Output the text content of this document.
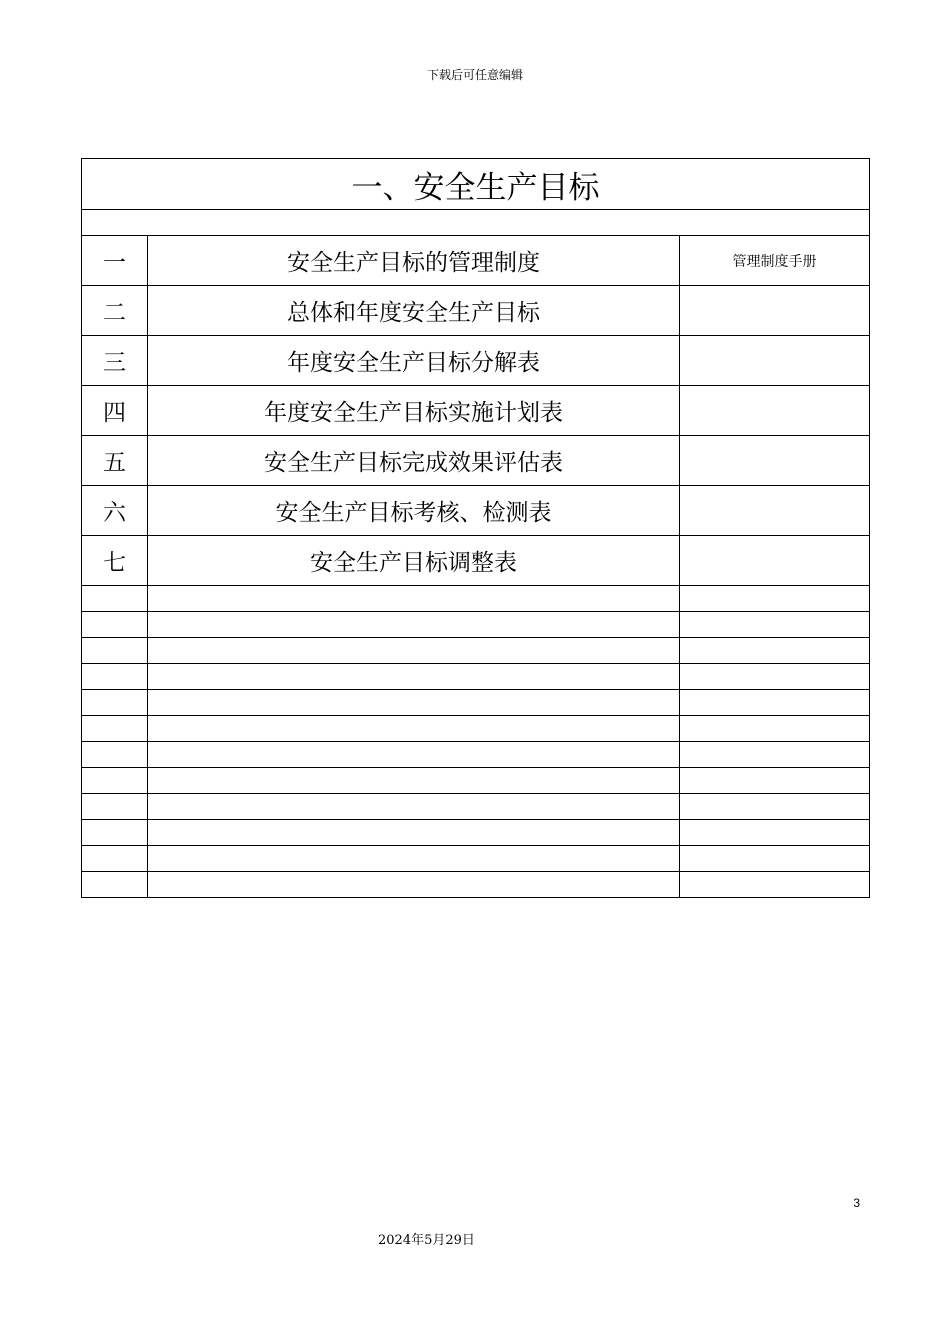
下载后可任意编辑
一、安全生产目标		

一	安全生产目标的管理制度	管理制度手册
二	总体和年度安全生产目标	
三	年度安全生产目标分解表	
四	年度安全生产目标实施计划表	
五	安全生产目标完成效果评估表	
六	安全生产目标考核、检测表	
七	安全生产目标调整表	

3
2024年5月29日
